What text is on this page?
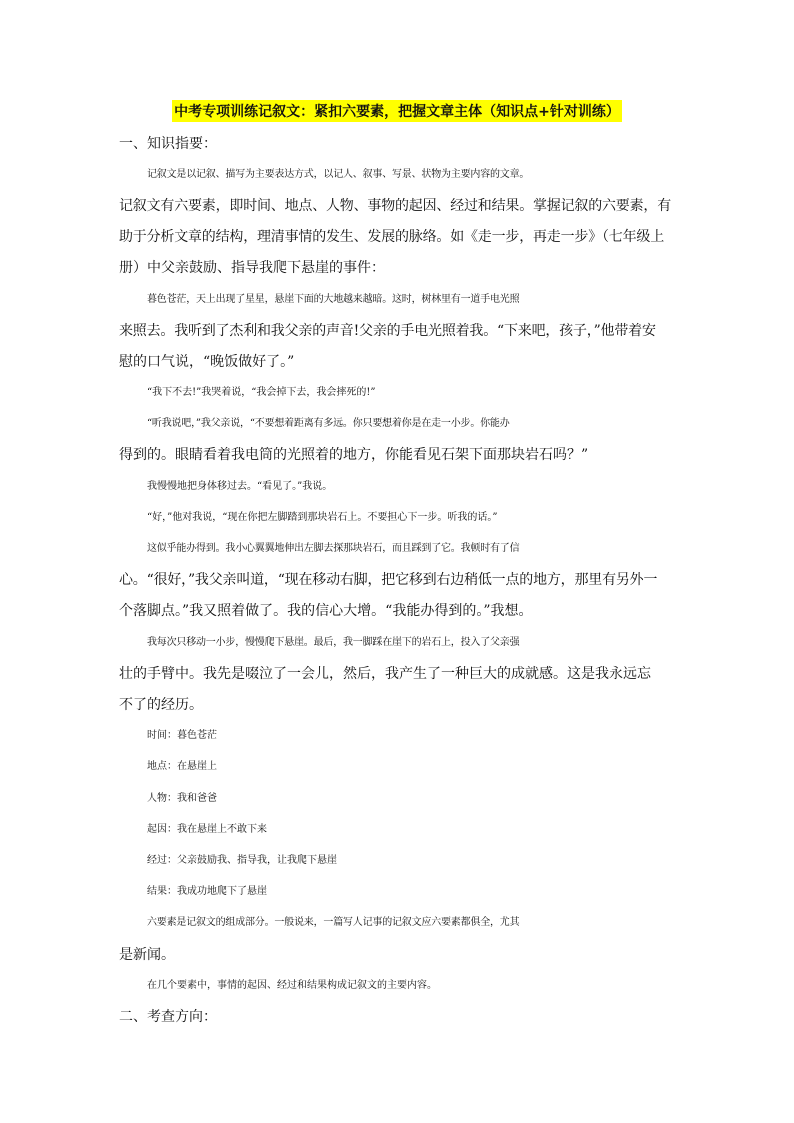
中考专项训练记叙文：紧扣六要素，把握文章主体（知识点+针对训练）
一、知识指要：
记叙文是以记叙、描写为主要表达方式，以记人、叙事、写景、状物为主要内容的文章。
记叙文有六要素，即时间、地点、人物、事物的起因、经过和结果。掌握记叙的六要素，有
助于分析文章的结构，理清事情的发生、发展的脉络。如《走一步，再走一步》（七年级上
册）中父亲鼓励、指导我爬下悬崖的事件：
暮色苍茫，天上出现了星星，悬崖下面的大地越来越暗。这时，树林里有一道手电光照
来照去。我听到了杰利和我父亲的声音!父亲的手电光照着我。“下来吧，孩子，”他带着安
慰的口气说，“晚饭做好了。”
“我下不去!”我哭着说，“我会掉下去，我会摔死的!”
“听我说吧，”我父亲说，“不要想着距离有多远。你只要想着你是在走一小步。你能办
得到的。眼睛看着我电筒的光照着的地方，你能看见石架下面那块岩石吗？”
我慢慢地把身体移过去。“看见了。”我说。
“好，”他对我说，“现在你把左脚踏到那块岩石上。不要担心下一步。听我的话。”
这似乎能办得到。我小心翼翼地伸出左脚去探那块岩石，而且踩到了它。我顿时有了信
心。“很好，”我父亲叫道，“现在移动右脚，把它移到右边稍低一点的地方，那里有另外一
个落脚点。”我又照着做了。我的信心大增。“我能办得到的。”我想。
我每次只移动一小步，慢慢爬下悬崖。最后，我一脚踩在崖下的岩石上，投入了父亲强
壮的手臂中。我先是啜泣了一会儿，然后，我产生了一种巨大的成就感。这是我永远忘
不了的经历。
时间：暮色苍茫
地点：在悬崖上
人物：我和爸爸
起因：我在悬崖上不敢下来
经过：父亲鼓励我、指导我，让我爬下悬崖
结果：我成功地爬下了悬崖
六要素是记叙文的组成部分。一般说来，一篇写人记事的记叙文应六要素都俱全，尤其
是新闻。
在几个要素中，事情的起因、经过和结果构成记叙文的主要内容。
二、考查方向：
